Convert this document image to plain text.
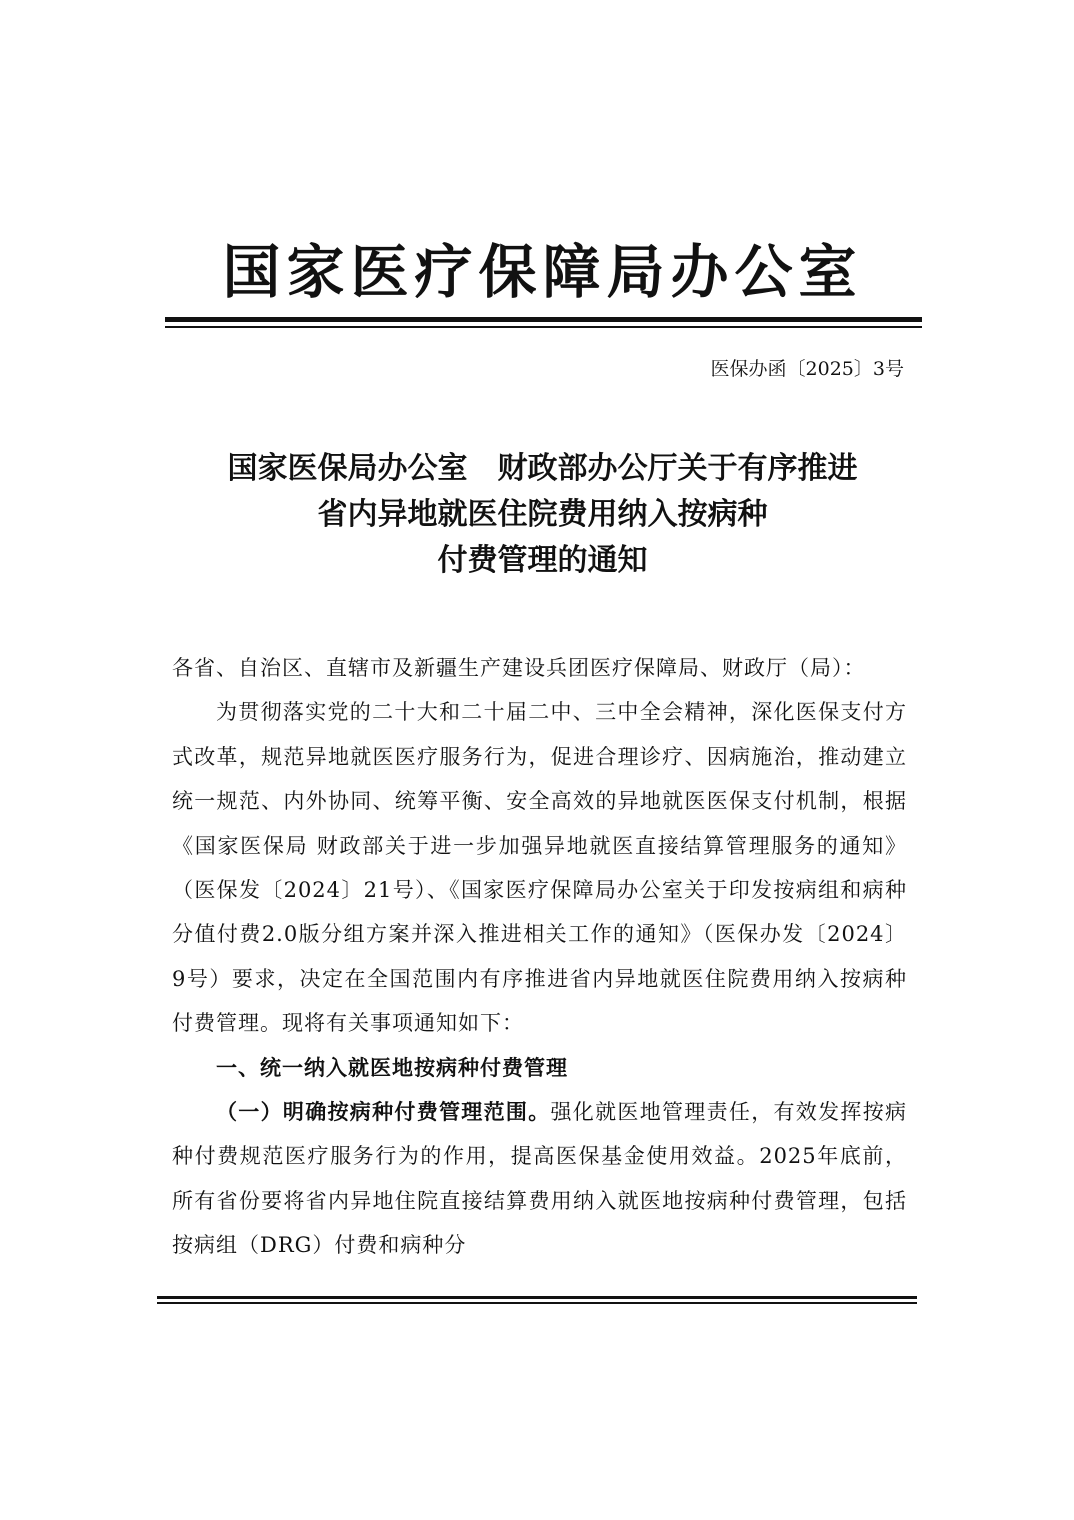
国家医疗保障局办公室
医保办函〔2025〕3号
国家医保局办公室　财政部办公厅关于有序推进
省内异地就医住院费用纳入按病种
付费管理的通知

各省、自治区、直辖市及新疆生产建设兵团医疗保障局、财政厅（局）：

为贯彻落实党的二十大和二十届二中、三中全会精神，深化医保支付方式改革，规范异地就医医疗服务行为，促进合理诊疗、因病施治，推动建立统一规范、内外协同、统筹平衡、安全高效的异地就医医保支付机制，根据《国家医保局 财政部关于进一步加强异地就医直接结算管理服务的通知》（医保发〔2024〕21号）、《国家医疗保障局办公室关于印发按病组和病种分值付费2.0版分组方案并深入推进相关工作的通知》（医保办发〔2024〕9号）要求，决定在全国范围内有序推进省内异地就医住院费用纳入按病种付费管理。现将有关事项通知如下：

一、统一纳入就医地按病种付费管理

（一）明确按病种付费管理范围。强化就医地管理责任，有效发挥按病种付费规范医疗服务行为的作用，提高医保基金使用效益。2025年底前，所有省份要将省内异地住院直接结算费用纳入就医地按病种付费管理，包括按病组（DRG）付费和病种分
